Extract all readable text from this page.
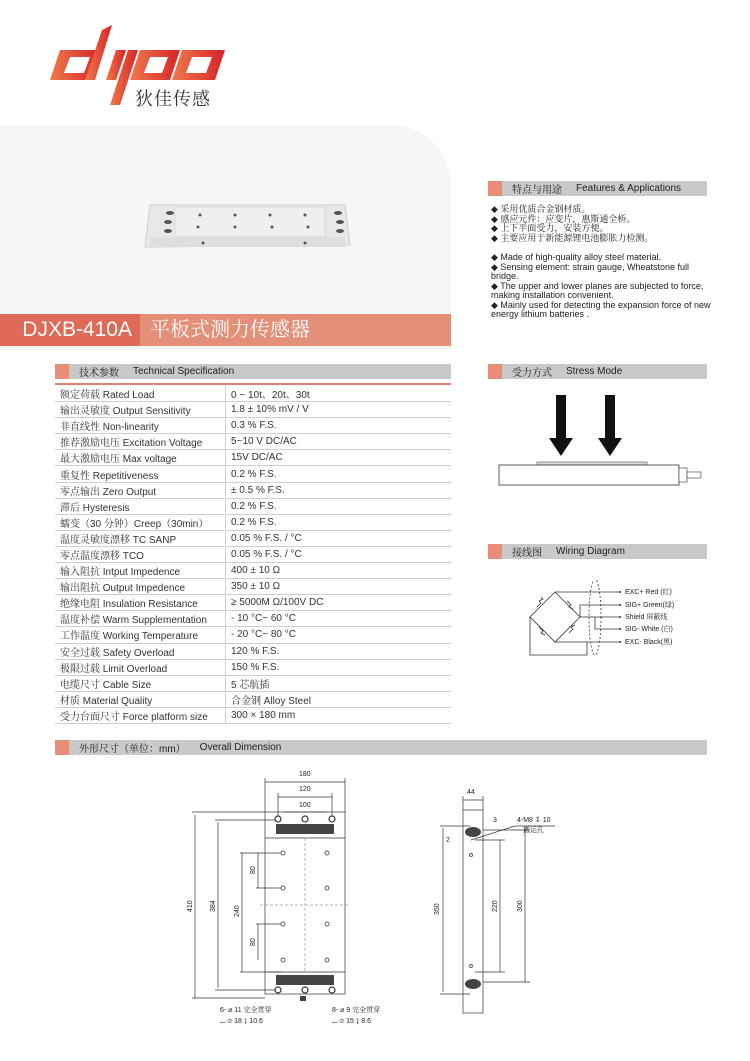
狄佳传感
DJXB-410A 平板式测力传感器
特点与用途 Features & Applications

◆ 采用优质合金钢材质。

◆ 感应元件：应变片，惠斯通全桥。

◆ 上下平面受力，安装方便。

◆ 主要应用于新能源锂电池膨胀力检测。

◆ Made of high-quality alloy steel material.

◆ Sensing element: strain gauge, Wheatstone full bridge.

◆ The upper and lower planes are subjected to force, making installation convenient.

◆ Mainly used for detecting the expansion force of new energy lithium batteries .

技术参数 Technical Specification
额定荷载 Rated Load	0 ~ 10t、20t、30t
输出灵敏度 Output Sensitivity	1.8 ± 10% mV / V
非直线性 Non-linearity	0.3 % F.S.
推荐激励电压 Excitation Voltage	5~10 V DC/AC
最大激励电压 Max voltage	15V DC/AC
重复性 Repetitiveness	0.2 % F.S.
零点输出 Zero Output	± 0.5 % F.S.
滞后 Hysteresis	0.2 % F.S.
蠕变（30 分钟）Creep（30min）	0.2 % F.S.
温度灵敏度漂移 TC SANP	0.05 % F.S. / °C
零点温度漂移 TCO	0.05 % F.S. / °C
输入阻抗 Intput Impedence	400 ± 10 Ω
输出阻抗 Output Impedence	350 ± 10 Ω
绝缘电阻 Insulation Resistance	≥ 5000M Ω/100V DC
温度补偿 Warm Supplementation	- 10 °C~ 60 °C
工作温度 Working Temperature	- 20 °C~ 80 °C
安全过载 Safety Overload	120 % F.S.
极限过载 Limit Overload	150 % F.S.
电缆尺寸 Cable Size	5 芯航插
材质 Material Quality	合金钢 Alloy Steel
受力台面尺寸 Force platform size	300 × 180 mm
受力方式 Stress Mode
接线图 Wiring Diagram
EXC+ Red (红)
SIG+ Green(绿)
Shield 屏蔽线
SIG- White (白)
EXC- Black(黑)
外形尺寸（单位：mm） Overall Dimension
180
120
100
410 384 240
80
80
6- ⌀ 11 完全贯穿
⌴ ⌀ 18 ↧ 10.6
8- ⌀ 9 完全贯穿
⌴ ⌀ 15 ↧ 8.6
44
3
2
350	220	300
4-M8 ↧ 10
搬运孔
